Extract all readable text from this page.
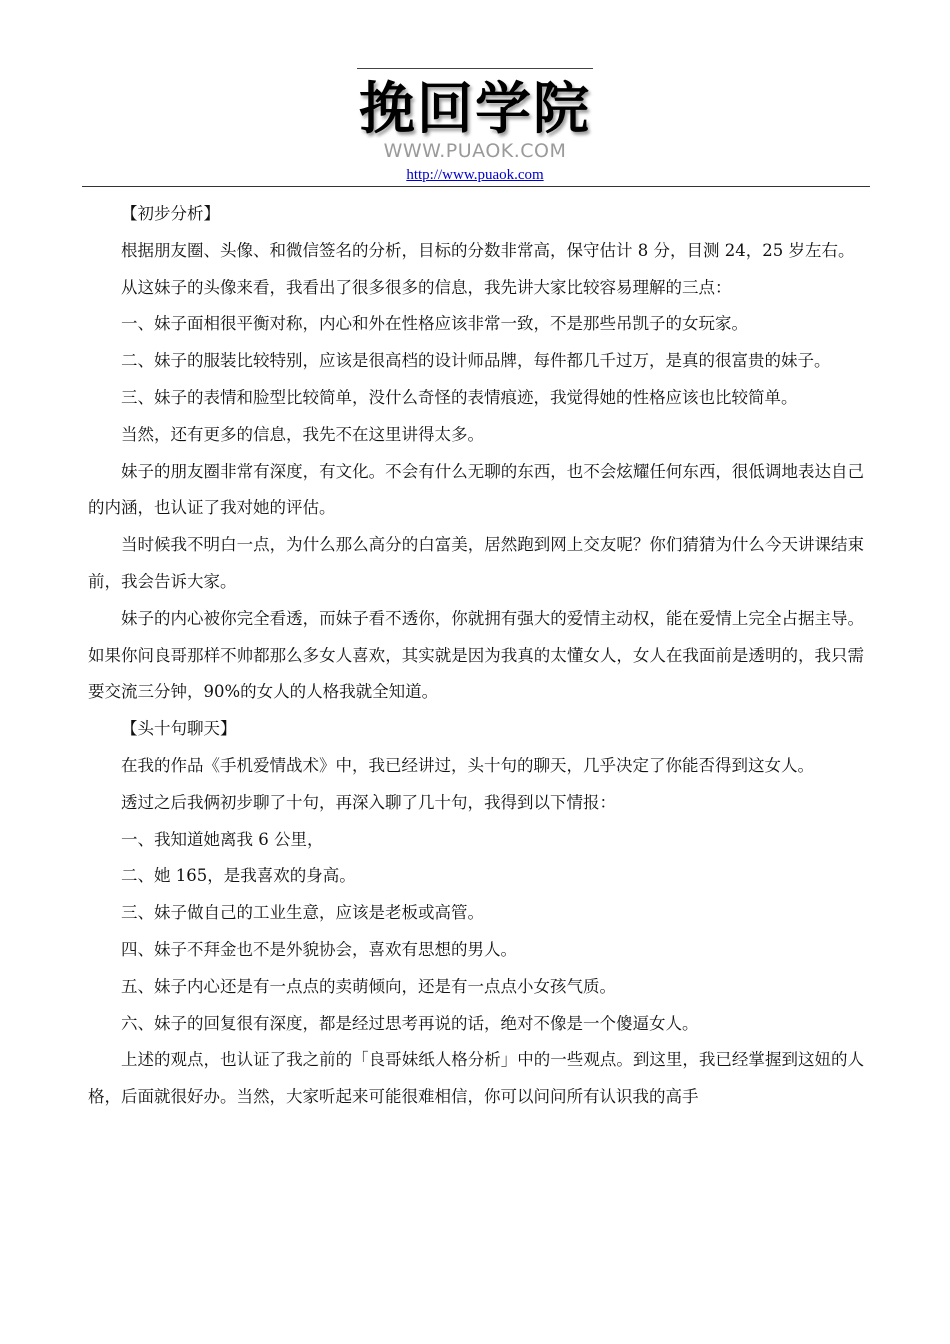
挽回学院
WWW.PUAOK.COM
http://www.puaok.com

【初步分析】

根据朋友圈、头像、和微信签名的分析，目标的分数非常高，保守估计 8 分，目测 24，25 岁左右。

从这妹子的头像来看，我看出了很多很多的信息，我先讲大家比较容易理解的三点：

一、妹子面相很平衡对称，内心和外在性格应该非常一致，不是那些吊凯子的女玩家。

二、妹子的服装比较特别，应该是很高档的设计师品牌，每件都几千过万，是真的很富贵的妹子。

三、妹子的表情和脸型比较简单，没什么奇怪的表情痕迹，我觉得她的性格应该也比较简单。

当然，还有更多的信息，我先不在这里讲得太多。

妹子的朋友圈非常有深度，有文化。不会有什么无聊的东西，也不会炫耀任何东西，很低调地表达自己的内涵，也认证了我对她的评估。

当时候我不明白一点，为什么那么高分的白富美，居然跑到网上交友呢？你们猜猜为什么今天讲课结束前，我会告诉大家。

妹子的内心被你完全看透，而妹子看不透你，你就拥有强大的爱情主动权，能在爱情上完全占据主导。如果你问良哥那样不帅都那么多女人喜欢，其实就是因为我真的太懂女人，女人在我面前是透明的，我只需要交流三分钟，90%的女人的人格我就全知道。

【头十句聊天】

在我的作品《手机爱情战术》中，我已经讲过，头十句的聊天，几乎决定了你能否得到这女人。

透过之后我俩初步聊了十句，再深入聊了几十句，我得到以下情报：

一、我知道她离我 6 公里，

二、她 165，是我喜欢的身高。

三、妹子做自己的工业生意，应该是老板或高管。

四、妹子不拜金也不是外貌协会，喜欢有思想的男人。

五、妹子内心还是有一点点的卖萌倾向，还是有一点点小女孩气质。

六、妹子的回复很有深度，都是经过思考再说的话，绝对不像是一个傻逼女人。

上述的观点，也认证了我之前的「良哥妹纸人格分析」中的一些观点。到这里，我已经掌握到这妞的人格，后面就很好办。当然，大家听起来可能很难相信，你可以问问所有认识我的高手
